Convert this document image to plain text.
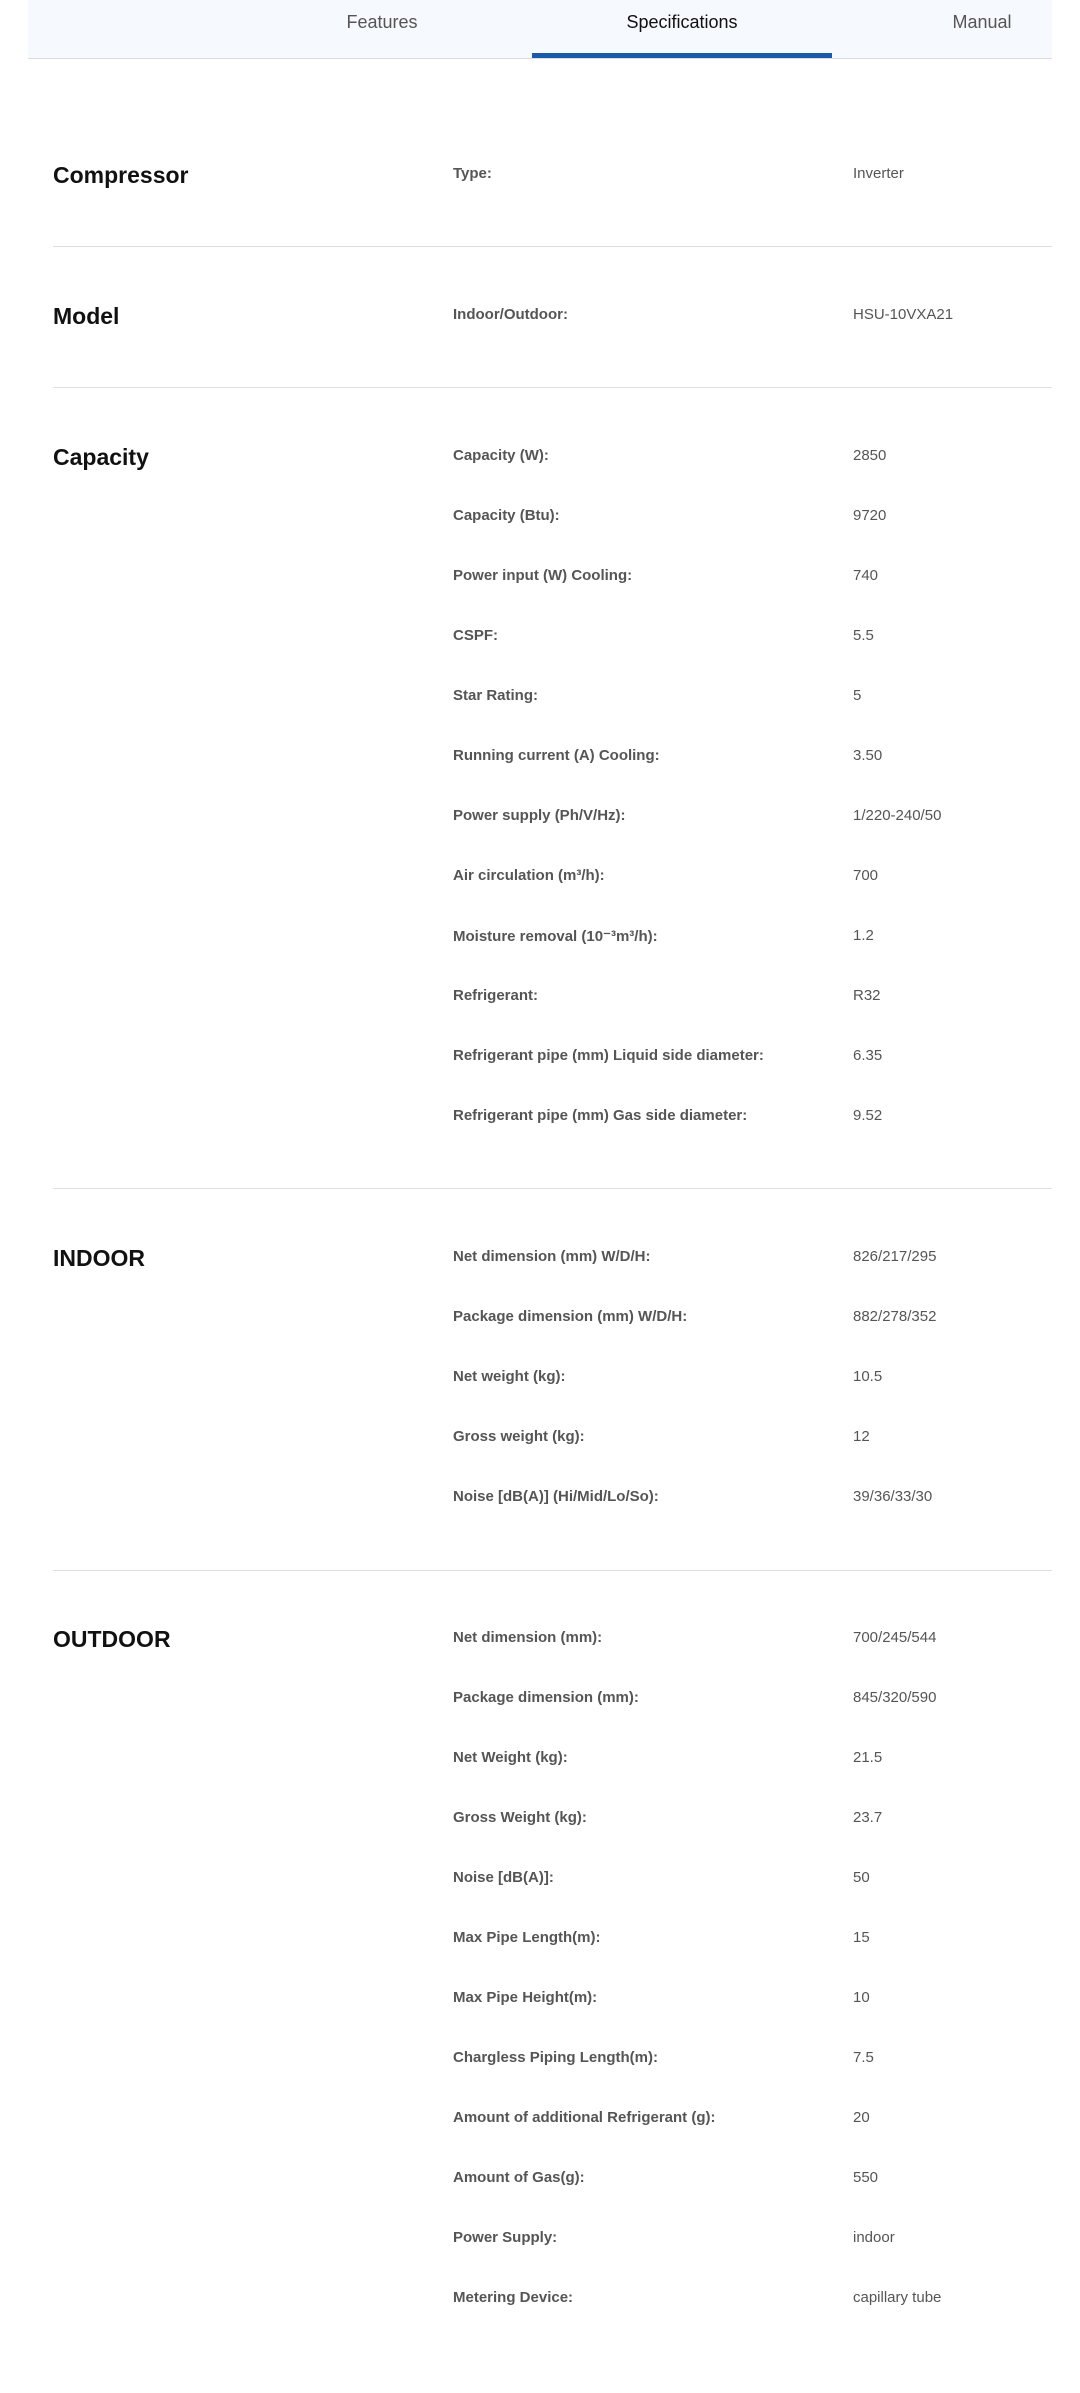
Features	Specifications	Manual
Compressor	Type:	Inverter
Model	Indoor/Outdoor:	HSU-10VXA21
Capacity	Capacity (W):	2850
Capacity (Btu):	9720
Power input (W) Cooling:	740
CSPF:	5.5
Star Rating:	5
Running current (A) Cooling:	3.50
Power supply (Ph/V/Hz):	1/220-240/50
Air circulation (m³/h):	700
Moisture removal (10⁻³m³/h):	1.2
Refrigerant:	R32
Refrigerant pipe (mm) Liquid side diameter:	6.35
Refrigerant pipe (mm) Gas side diameter:	9.52
INDOOR	Net dimension (mm) W/D/H:	826/217/295
Package dimension (mm) W/D/H:	882/278/352
Net weight (kg):	10.5
Gross weight (kg):	12
Noise [dB(A)] (Hi/Mid/Lo/So):	39/36/33/30
OUTDOOR	Net dimension (mm):	700/245/544
Package dimension (mm):	845/320/590
Net Weight (kg):	21.5
Gross Weight (kg):	23.7
Noise [dB(A)]:	50
Max Pipe Length(m):	15
Max Pipe Height(m):	10
Chargless Piping Length(m):	7.5
Amount of additional Refrigerant (g):	20
Amount of Gas(g):	550
Power Supply:	indoor
Metering Device:	capillary tube
